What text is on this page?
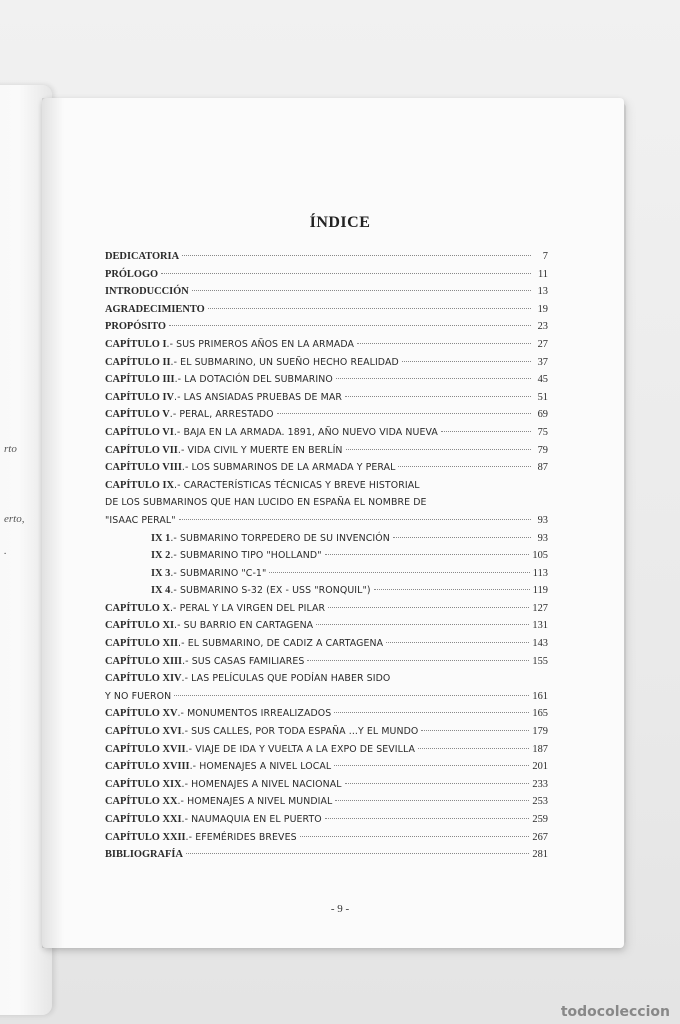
rto
erto,
.
ÍNDICE
DEDICATORIA	7
PRÓLOGO	11
INTRODUCCIÓN	13
AGRADECIMIENTO	19
PROPÓSITO	23
CAPÍTULO I .- SUS PRIMEROS AÑOS EN LA ARMADA	27
CAPÍTULO II .- EL SUBMARINO, UN SUEÑO HECHO REALIDAD	37
CAPÍTULO III .- LA DOTACIÓN DEL SUBMARINO	45
CAPÍTULO IV .- LAS ANSIADAS PRUEBAS DE MAR	51
CAPÍTULO V .- PERAL, ARRESTADO	69
CAPÍTULO VI .- BAJA EN LA ARMADA. 1891, AÑO NUEVO VIDA NUEVA	75
CAPÍTULO VII .- VIDA CIVIL Y MUERTE EN BERLÍN	79
CAPÍTULO VIII .- LOS SUBMARINOS DE LA ARMADA Y PERAL	87
CAPÍTULO IX .- CARACTERÍSTICAS TÉCNICAS Y BREVE HISTORIAL
DE LOS SUBMARINOS QUE HAN LUCIDO EN ESPAÑA EL NOMBRE DE
"ISAAC PERAL"	93
IX 1 .- SUBMARINO TORPEDERO DE SU INVENCIÓN	93
IX 2 .- SUBMARINO TIPO "HOLLAND"	105
IX 3 .- SUBMARINO "C-1"	113
IX 4 .- SUBMARINO S-32 (EX - USS "RONQUIL")	119
CAPÍTULO X .- PERAL Y LA VIRGEN DEL PILAR	127
CAPÍTULO XI .- SU BARRIO EN CARTAGENA	131
CAPÍTULO XII .- EL SUBMARINO, DE CADIZ A CARTAGENA	143
CAPÍTULO XIII .- SUS CASAS FAMILIARES	155
CAPÍTULO XIV .- LAS PELÍCULAS QUE PODÍAN HABER SIDO
Y NO FUERON	161
CAPÍTULO XV .- MONUMENTOS IRREALIZADOS	165
CAPÍTULO XVI .- SUS CALLES, POR TODA ESPAÑA ...Y EL MUNDO	179
CAPÍTULO XVII .- VIAJE DE IDA Y VUELTA A LA EXPO DE SEVILLA	187
CAPÍTULO XVIII .- HOMENAJES A NIVEL LOCAL	201
CAPÍTULO XIX .- HOMENAJES A NIVEL NACIONAL	233
CAPÍTULO XX .- HOMENAJES A NIVEL MUNDIAL	253
CAPÍTULO XXI .- NAUMAQUIA EN EL PUERTO	259
CAPÍTULO XXII .- EFEMÉRIDES BREVES	267
BIBLIOGRAFÍA	281
- 9 -
todocoleccion
